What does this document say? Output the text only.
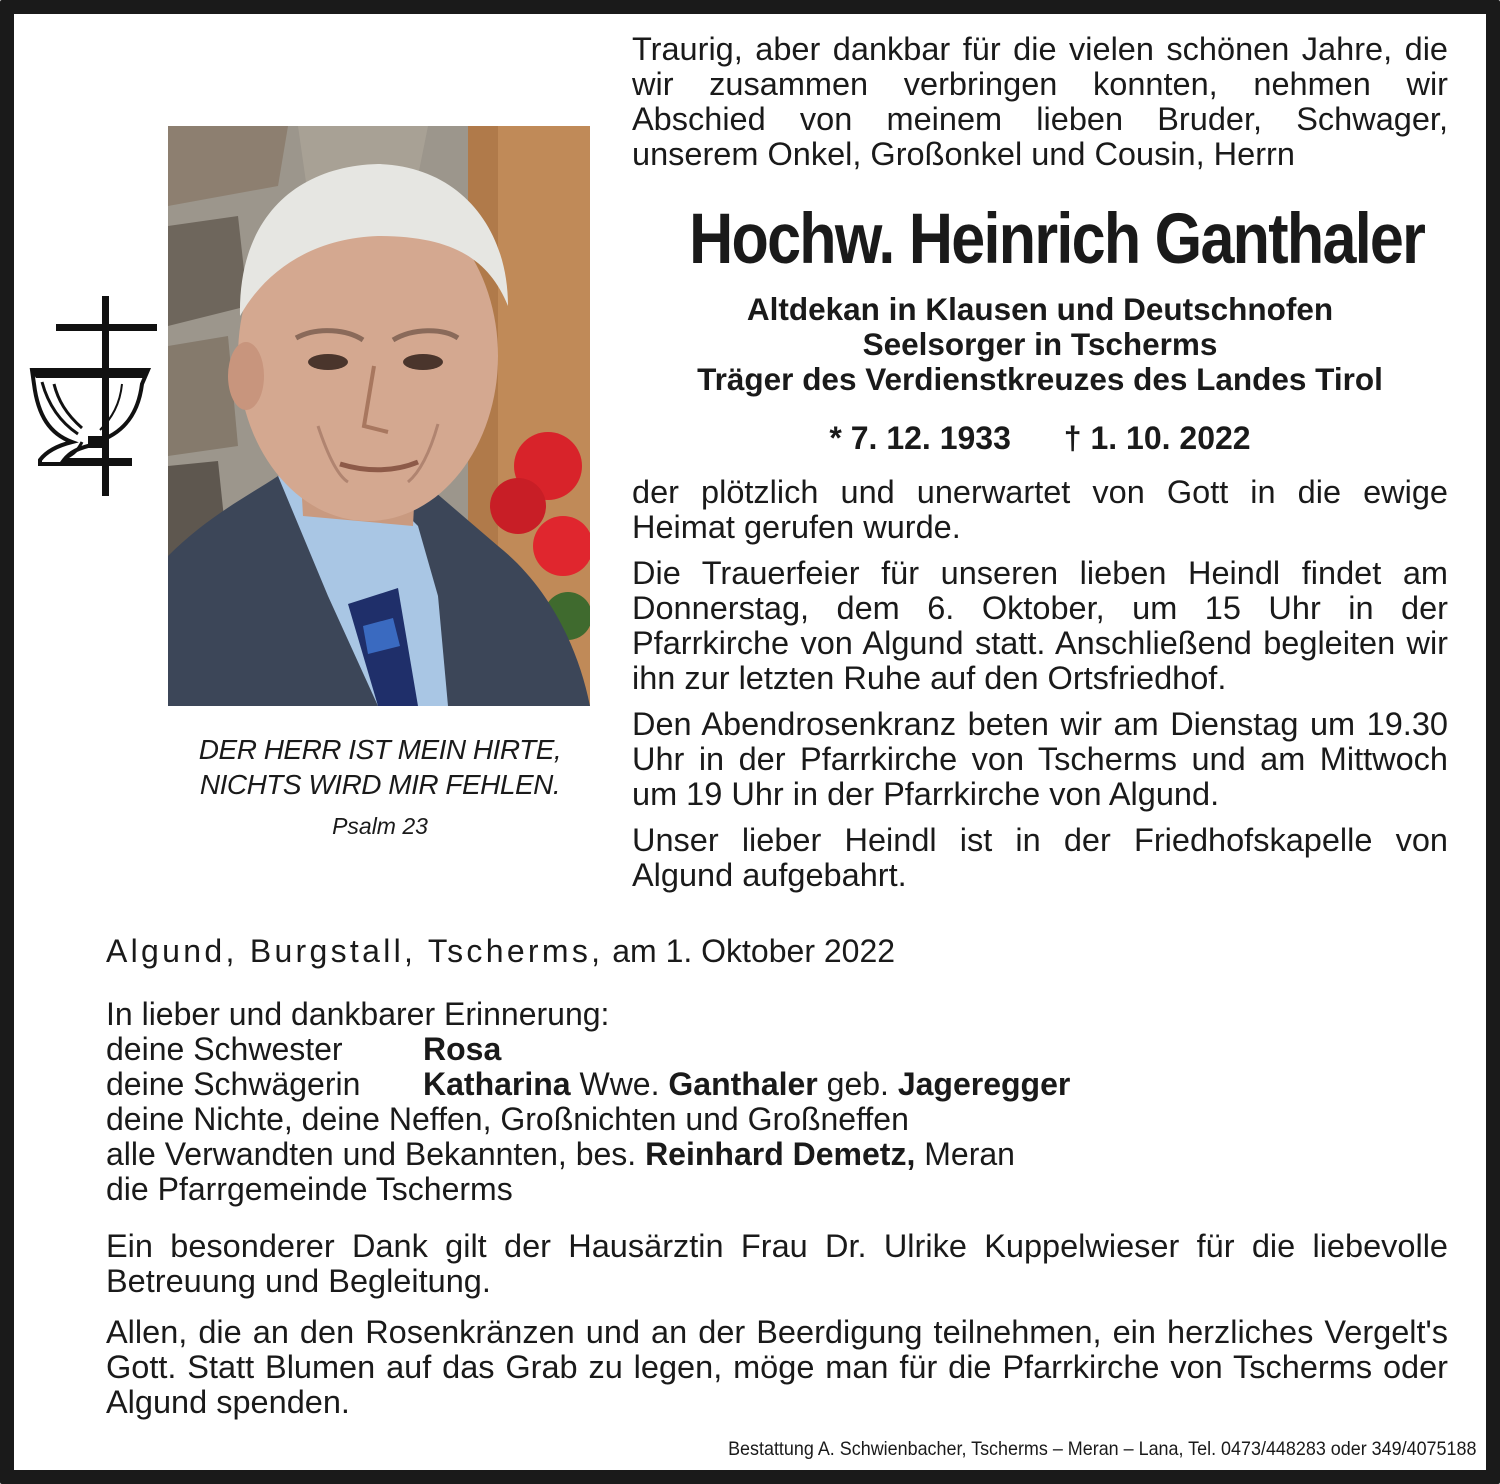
DER HERR IST MEIN HIRTE,
NICHTS WIRD MIR FEHLEN.
Psalm 23

Traurig, aber dankbar für die vielen schönen Jahre, die wir zusammen verbringen konnten, nehmen wir Abschied von meinem lieben Bruder, Schwager, unserem Onkel, Großonkel und Cousin, Herrn

Hochw. Heinrich Ganthaler
Altdekan in Klausen und Deutschnofen
Seelsorger in Tscherms
Träger des Verdienstkreuzes des Landes Tirol
* 7. 12. 1933 † 1. 10. 2022

der plötzlich und unerwartet von Gott in die ewige Heimat gerufen wurde.

Die Trauerfeier für unseren lieben Heindl findet am Donnerstag, dem 6. Oktober, um 15 Uhr in der Pfarrkirche von Algund statt. Anschließend begleiten wir ihn zur letzten Ruhe auf den Ortsfriedhof.

Den Abendrosenkranz beten wir am Dienstag um 19.30 Uhr in der Pfarrkirche von Tscherms und am Mittwoch um 19 Uhr in der Pfarrkirche von Algund.

Unser lieber Heindl ist in der Friedhofskapelle von Algund aufgebahrt.

Algund, Burgstall, Tscherms, am 1. Oktober 2022
In lieber und dankbarer Erinnerung:
deine Schwester	Rosa
deine Schwägerin	Katharina Wwe. Ganthaler geb. Jageregger
deine Nichte, deine Neffen, Großnichten und Großneffen
alle Verwandten und Bekannten, bes. Reinhard Demetz, Meran
die Pfarrgemeinde Tscherms

Ein besonderer Dank gilt der Hausärztin Frau Dr. Ulrike Kuppelwieser für die liebevolle Betreuung und Begleitung.

Allen, die an den Rosenkränzen und an der Beerdigung teilnehmen, ein herzliches Vergelt's Gott. Statt Blumen auf das Grab zu legen, möge man für die Pfarrkirche von Tscherms oder Algund spenden.

Bestattung A. Schwienbacher, Tscherms – Meran – Lana, Tel. 0473/448283 oder 349/4075188
